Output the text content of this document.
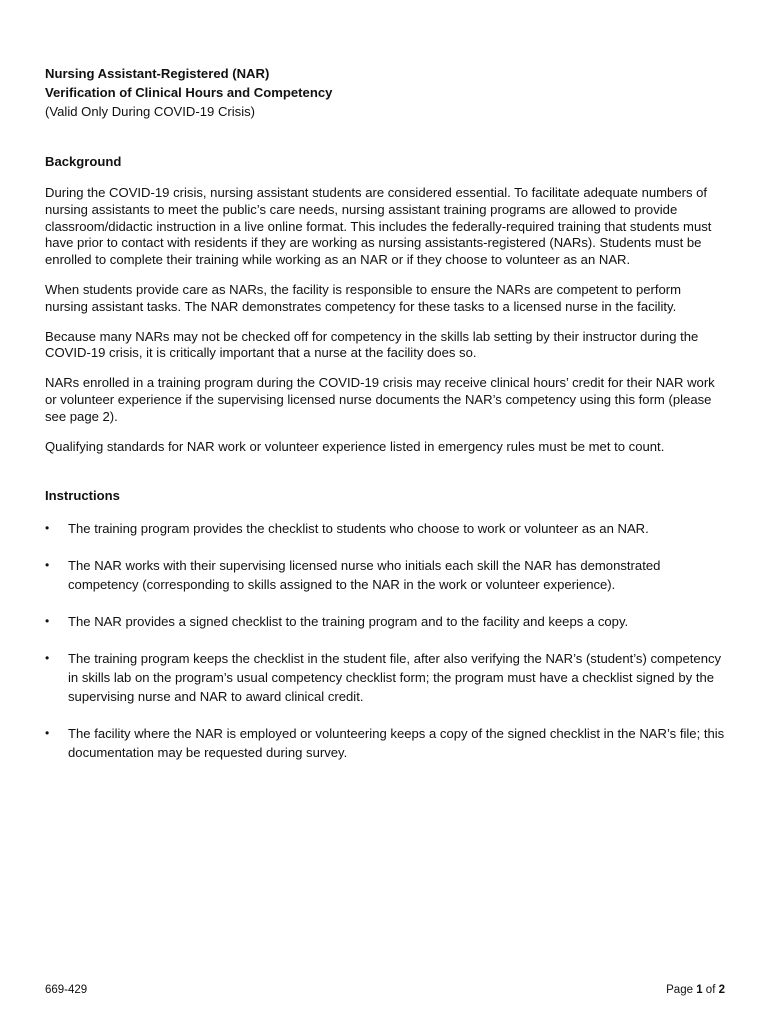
Nursing Assistant-Registered (NAR)

Verification of Clinical Hours and Competency

(Valid Only During COVID-19 Crisis)

Background

During the COVID-19 crisis, nursing assistant students are considered essential. To facilitate adequate numbers of nursing assistants to meet the public’s care needs, nursing assistant training programs are allowed to provide classroom/didactic instruction in a live online format. This includes the federally-required training that students must have prior to contact with residents if they are working as nursing assistants-registered (NARs). Students must be enrolled to complete their training while working as an NAR or if they choose to volunteer as an NAR.

When students provide care as NARs, the facility is responsible to ensure the NARs are competent to perform nursing assistant tasks. The NAR demonstrates competency for these tasks to a licensed nurse in the facility.

Because many NARs may not be checked off for competency in the skills lab setting by their instructor during the COVID-19 crisis, it is critically important that a nurse at the facility does so.

NARs enrolled in a training program during the COVID-19 crisis may receive clinical hours’ credit for their NAR work or volunteer experience if the supervising licensed nurse documents the NAR’s competency using this form (please see page 2).

Qualifying standards for NAR work or volunteer experience listed in emergency rules must be met to count.

Instructions

• The training program provides the checklist to students who choose to work or volunteer as an NAR.
• The NAR works with their supervising licensed nurse who initials each skill the NAR has demonstrated competency (corresponding to skills assigned to the NAR in the work or volunteer experience).
• The NAR provides a signed checklist to the training program and to the facility and keeps a copy.
• The training program keeps the checklist in the student file, after also verifying the NAR’s (student’s) competency in skills lab on the program’s usual competency checklist form; the program must have a checklist signed by the supervising nurse and NAR to award clinical credit.
• The facility where the NAR is employed or volunteering keeps a copy of the signed checklist in the NAR’s file; this documentation may be requested during survey.
669-429	Page 1 of 2
